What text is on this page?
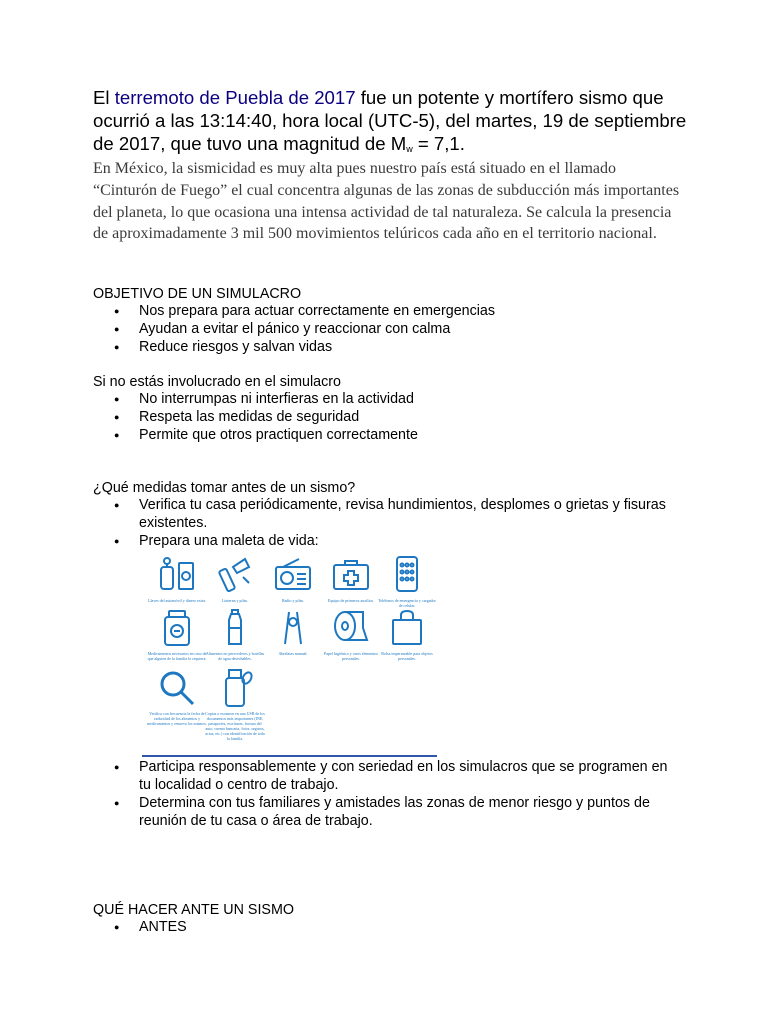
El terremoto de Puebla de 2017 fue un potente y mortífero sismo que ocurrió a las 13:14:40, hora local (UTC-5), del martes, 19 de septiembre de 2017, que tuvo una magnitud de $M_w = 7,1$.
En México, la sismicidad es muy alta pues nuestro país está situado en el llamado “Cinturón de Fuego” el cual concentra algunas de las zonas de subducción más importantes del planeta, lo que ocasiona una intensa actividad de tal naturaleza. Se calcula la presencia de aproximadamente 3 mil 500 movimientos telúricos cada año en el territorio nacional.
OBJETIVO DE UN SIMULACRO
● Nos prepara para actuar correctamente en emergencias
● Ayudan a evitar el pánico y reaccionar con calma
● Reduce riesgos y salvan vidas
Si no estás involucrado en el simulacro
● No interrumpas ni interfieras en la actividad
● Respeta las medidas de seguridad
● Permite que otros practiquen correctamente
¿Qué medidas tomar antes de un sismo?
● Verifica tu casa periódicamente, revisa hundimientos, desplomes o grietas y fisuras existentes.
● Prepara una maleta de vida:
Llaves del automóvil y dinero extra.	Linterna y pilas.	Radio y pilas.	Equipo de primeros auxilios.	Teléfonos de emergencia y cargador de celular.
Medicamentos necesarios en caso de que alguien de la familia lo requiera.
Alimentos no perecederos y botellas de agua desechables.
Abrelatas manual.	Papel higiénico y otros elementos personales.
Bolsa impermeable para objetos personales.
Verifica con frecuencia la fecha de caducidad de los alimentos y medicamentos y renueva los mismos.
Copias o escanear en una USB de los documentos más importantes (INE, pasaportes, escrituras, factura del auto, cuenta bancaria, fotos, seguros, actas, etc.) con identificación de toda la familia.
● Participa responsablemente y con seriedad en los simulacros que se programen en tu localidad o centro de trabajo.
● Determina con tus familiares y amistades las zonas de menor riesgo y puntos de reunión de tu casa o área de trabajo.
QUÉ HACER ANTE UN SISMO
● ANTES
